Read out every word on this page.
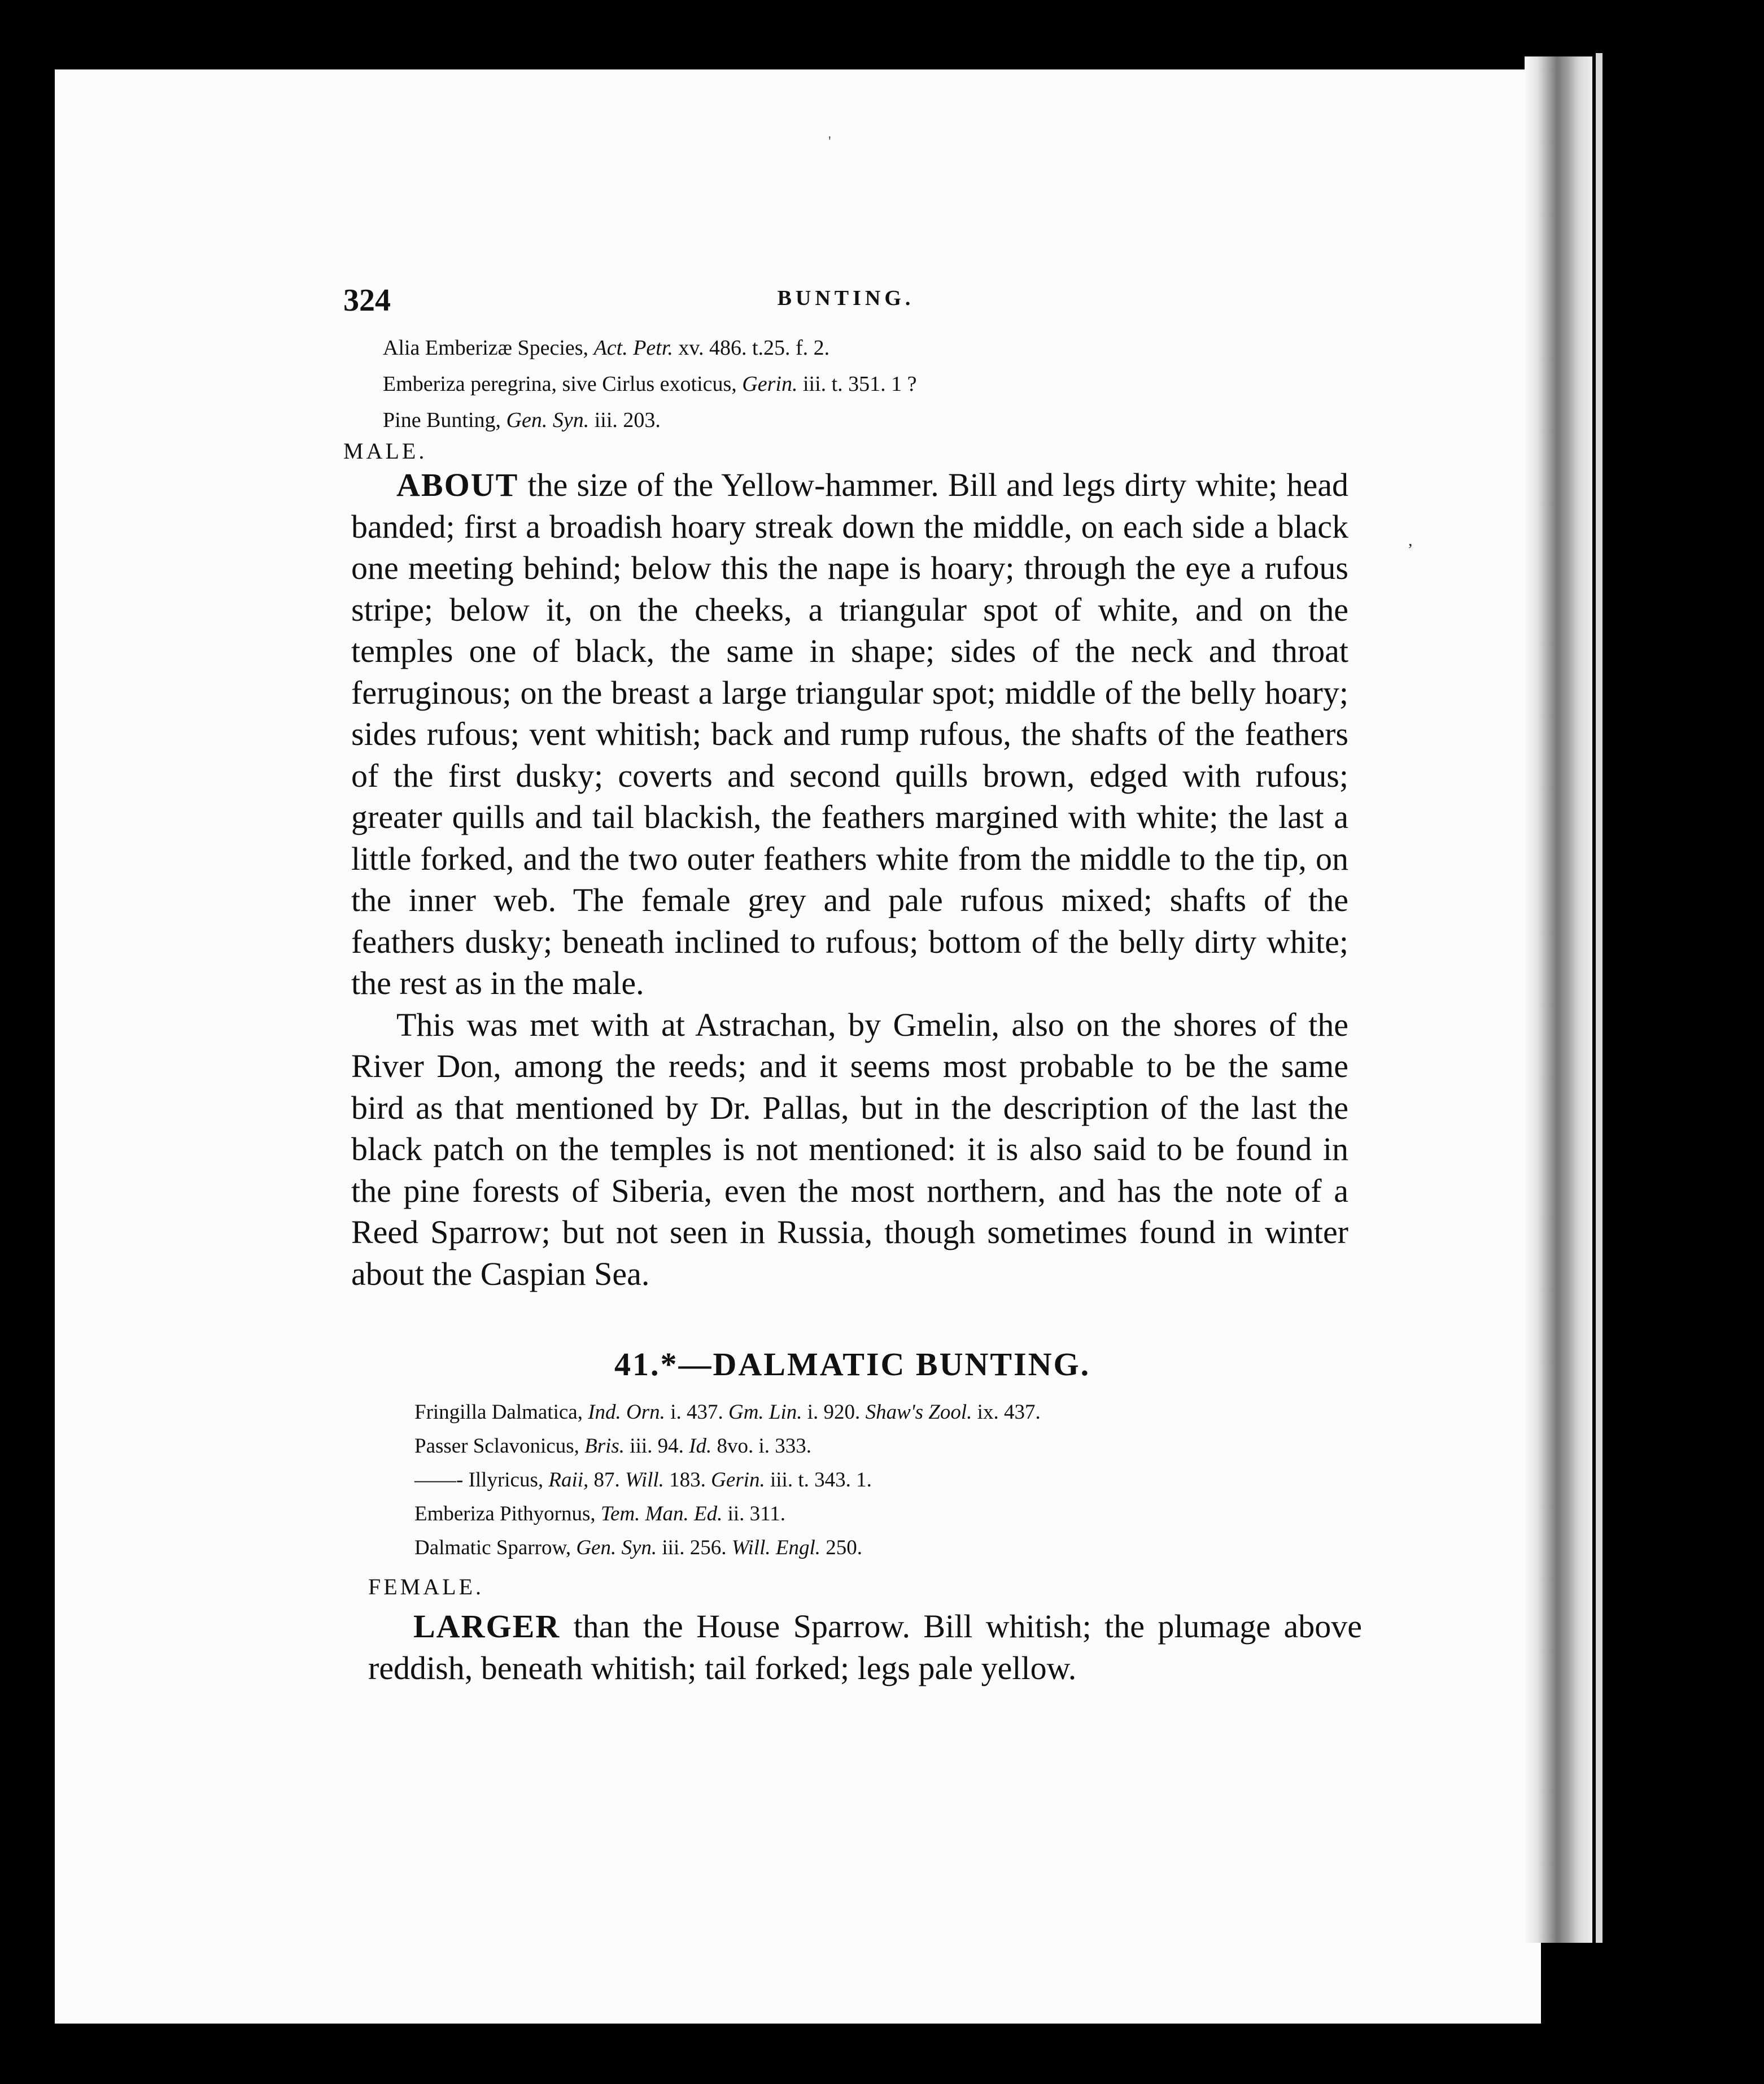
'
,
324	BUNTING.
Alia Emberizæ Species, Act. Petr. xv. 486. t.25. f. 2.
Emberiza peregrina, sive Cirlus exoticus, Gerin. iii. t. 351. 1 ?
Pine Bunting, Gen. Syn. iii. 203.
MALE.

ABOUT the size of the Yellow-hammer. Bill and legs dirty white; head banded; first a broadish hoary streak down the middle, on each side a black one meeting behind; below this the nape is hoary; through the eye a rufous stripe; below it, on the cheeks, a triangular spot of white, and on the temples one of black, the same in shape; sides of the neck and throat ferruginous; on the breast a large triangular spot; middle of the belly hoary; sides rufous; vent whitish; back and rump rufous, the shafts of the feathers of the first dusky; coverts and second quills brown, edged with rufous; greater quills and tail blackish, the feathers margined with white; the last a little forked, and the two outer feathers white from the middle to the tip, on the inner web. The female grey and pale rufous mixed; shafts of the feathers dusky; beneath inclined to rufous; bottom of the belly dirty white; the rest as in the male.

This was met with at Astrachan, by Gmelin, also on the shores of the River Don, among the reeds; and it seems most probable to be the same bird as that mentioned by Dr. Pallas, but in the description of the last the black patch on the temples is not mentioned: it is also said to be found in the pine forests of Siberia, even the most northern, and has the note of a Reed Sparrow; but not seen in Russia, though sometimes found in winter about the Caspian Sea.

41.*—DALMATIC BUNTING.
Fringilla Dalmatica, Ind. Orn. i. 437. Gm. Lin. i. 920. Shaw's Zool. ix. 437.
Passer Sclavonicus, Bris. iii. 94. Id. 8vo. i. 333.
——- Illyricus, Raii, 87. Will. 183. Gerin. iii. t. 343. 1.
Emberiza Pithyornus, Tem. Man. Ed. ii. 311.
Dalmatic Sparrow, Gen. Syn. iii. 256. Will. Engl. 250.
FEMALE.

LARGER than the House Sparrow. Bill whitish; the plumage above reddish, beneath whitish; tail forked; legs pale yellow.
